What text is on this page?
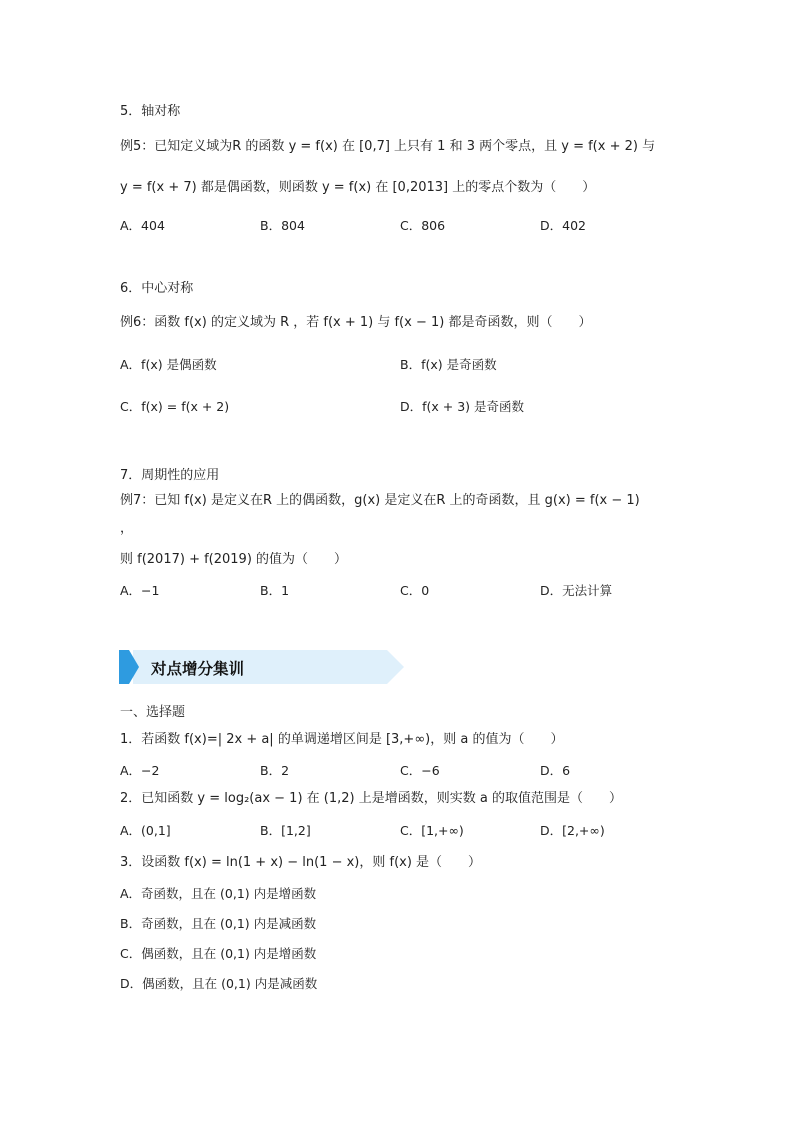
5．轴对称
例5：已知定义域为R 的函数 y = f(x) 在 [0,7] 上只有 1 和 3 两个零点，且 y = f(x + 2) 与
y = f(x + 7) 都是偶函数，则函数 y = f(x) 在 [0,2013] 上的零点个数为（　　）
A．404	B．804	C．806	D．402
6．中心对称
例6：函数 f(x) 的定义域为 R ，若 f(x + 1) 与 f(x − 1) 都是奇函数，则（　　）
A．f(x) 是偶函数	B．f(x) 是奇函数
C．f(x) = f(x + 2)	D．f(x + 3) 是奇函数
7．周期性的应用
例7：已知 f(x) 是定义在R 上的偶函数，g(x) 是定义在R 上的奇函数，且 g(x) = f(x − 1)
，
则 f(2017) + f(2019) 的值为（　　）
A．−1	B．1	C．0	D．无法计算
对点增分集训
一、选择题
1．若函数 f(x)=| 2x + a| 的单调递增区间是 [3,+∞)，则 a 的值为（　　）
A．−2	B．2	C．−6	D．6
2．已知函数 y = log₂(ax − 1) 在 (1,2) 上是增函数，则实数 a 的取值范围是（　　）
A．(0,1]	B．[1,2]	C．[1,+∞)	D．[2,+∞)
3．设函数 f(x) = ln(1 + x) − ln(1 − x)，则 f(x) 是（　　）
A．奇函数，且在 (0,1) 内是增函数
B．奇函数，且在 (0,1) 内是减函数
C．偶函数，且在 (0,1) 内是增函数
D．偶函数，且在 (0,1) 内是减函数
